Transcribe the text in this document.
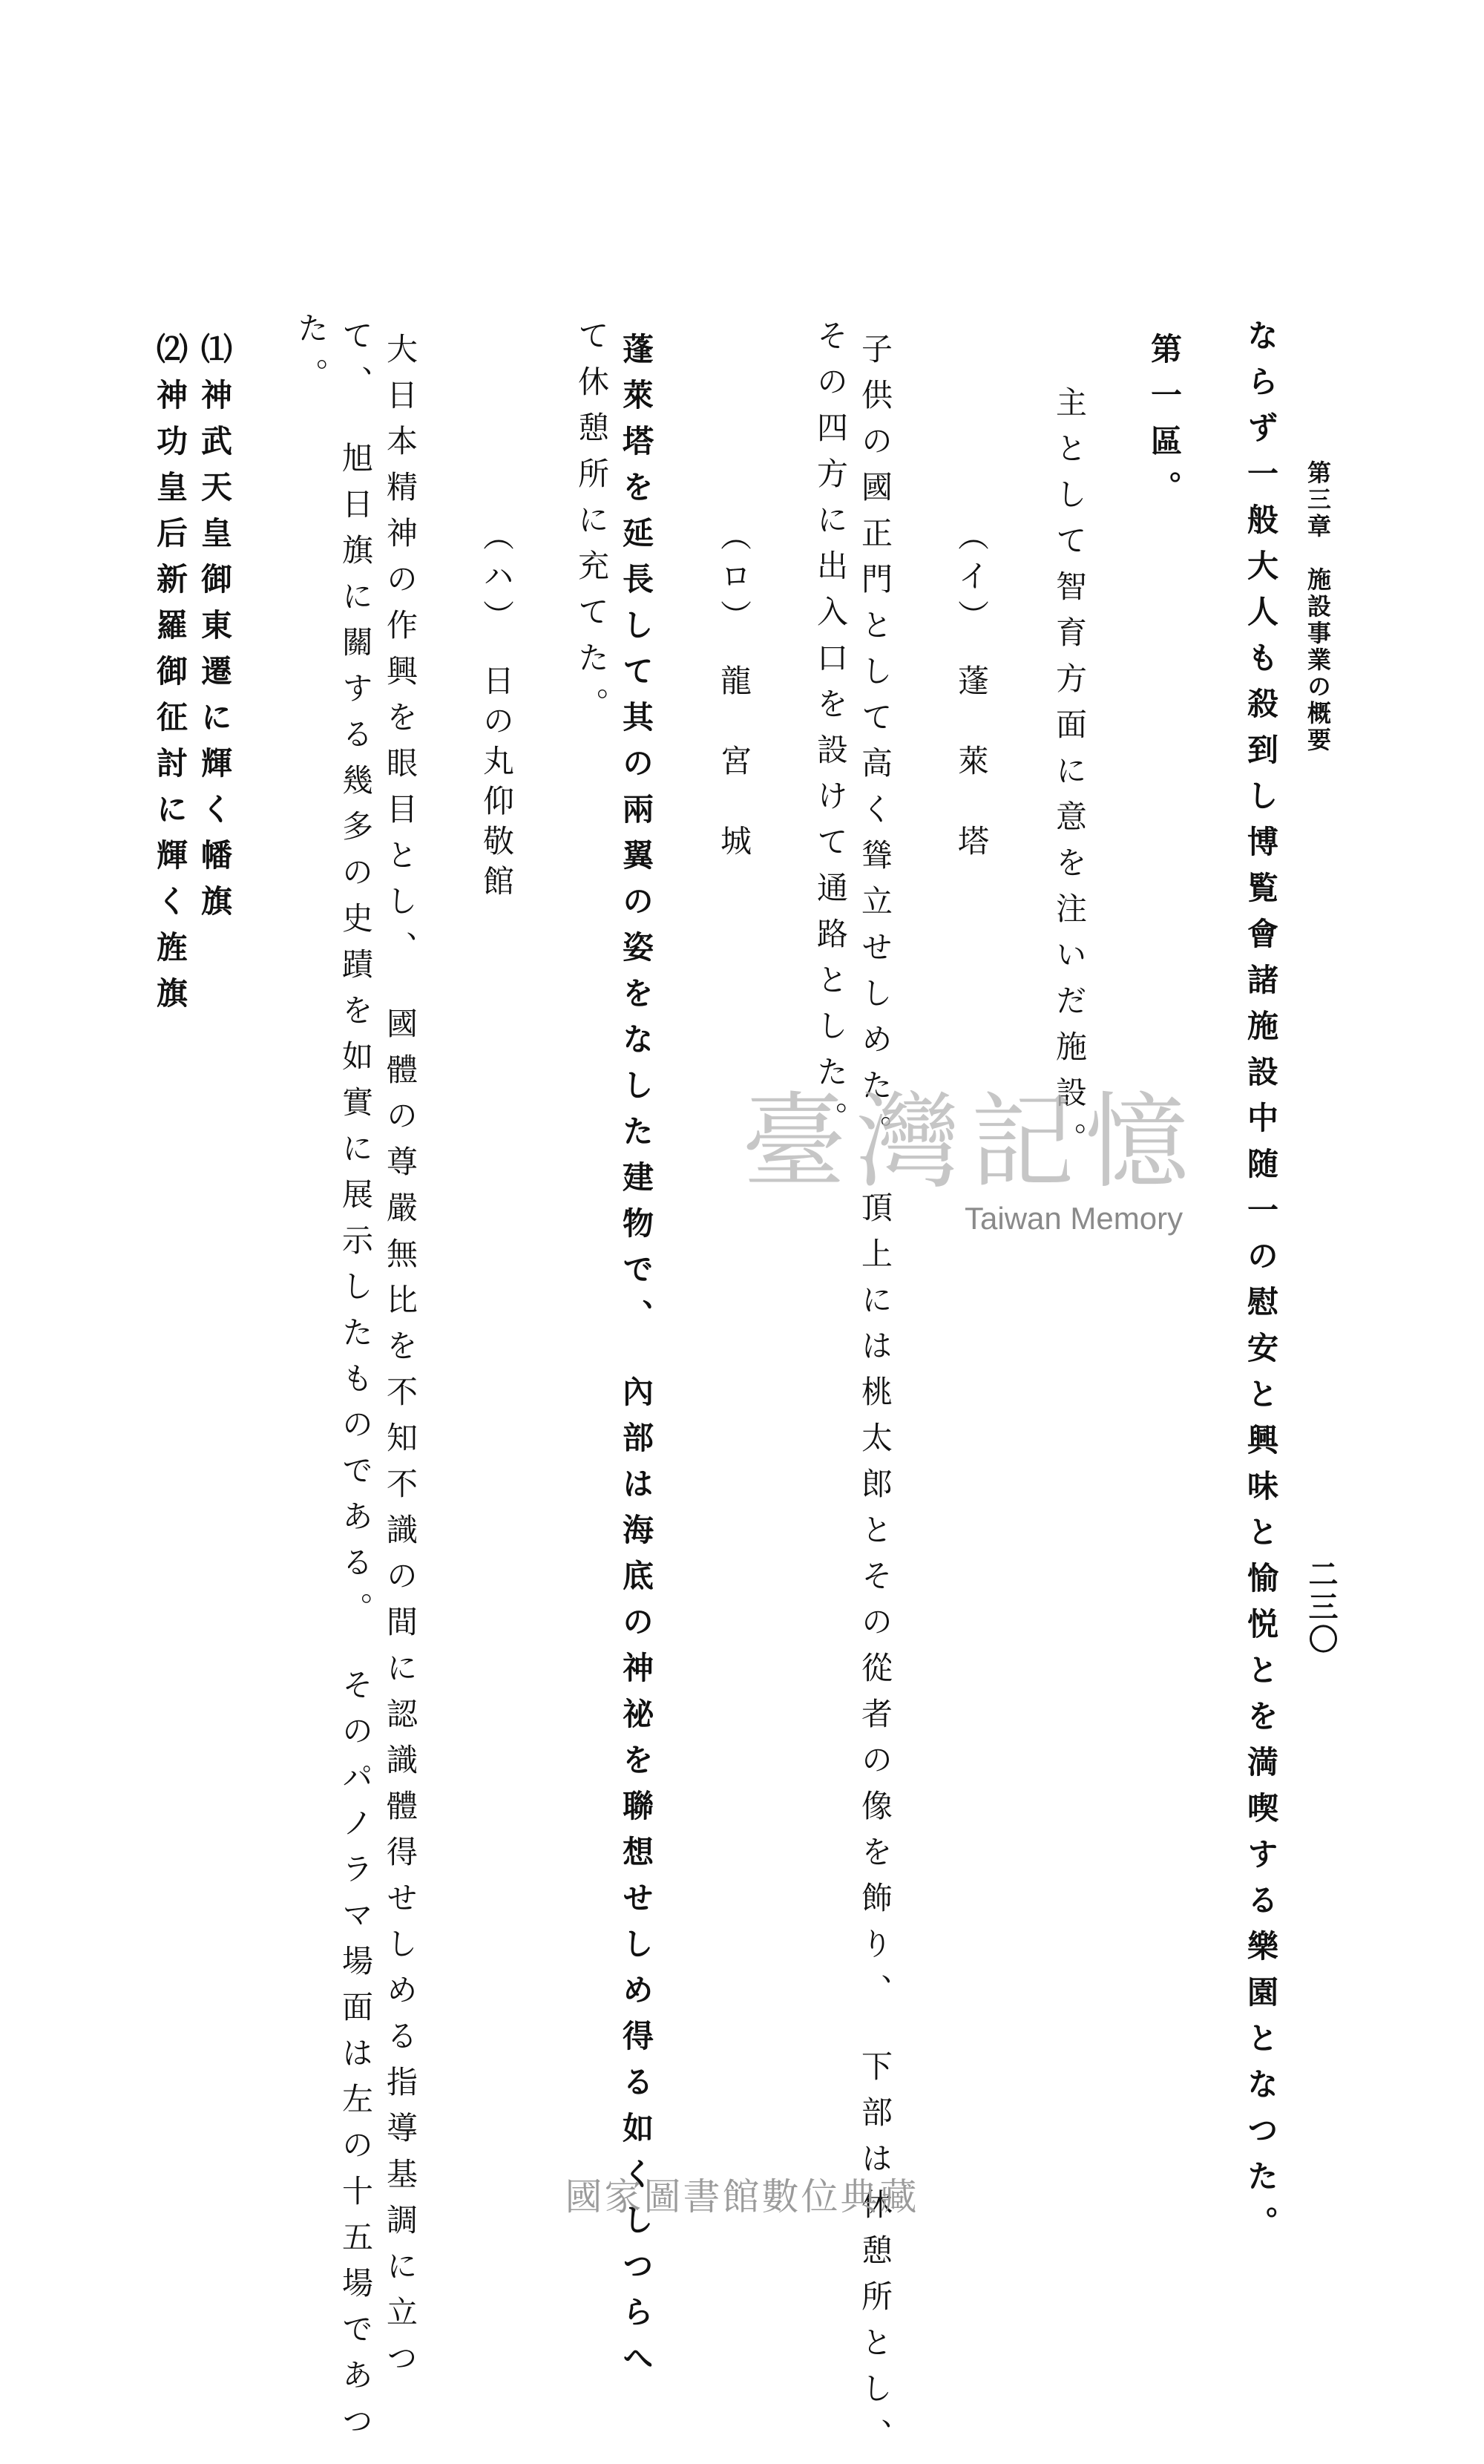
第三章　施設事業の概要
二三〇
ならず一般大人も殺到し博覧會諸施設中随一の慰安と興味と愉悦とを満喫する樂園となつた。
第一區。
主として智育方面に意を注いだ施設。
（イ）　蓬　萊　塔
子供の國正門として高く聳立せしめた。　頂上には桃太郎とその從者の像を飾り、　下部は休憩所とし、
その四方に出入口を設けて通路とした。
（ロ）　龍　宮　城
蓬萊塔を延長して其の兩翼の姿をなした建物で、　內部は海底の神祕を聯想せしめ得る如くしつらへ
て休憩所に充てた。
（ハ）　日の丸仰敬館
大日本精神の作興を眼目とし、　國體の尊嚴無比を不知不識の間に認識體得せしめる指導基調に立つ
て、　旭日旗に關する幾多の史蹟を如實に展示したものである。　そのパノラマ場面は左の十五場であつ
た。
⑴神武天皇御東遷に輝く幡旗
⑵神功皇后新羅御征討に輝く旌旗
臺灣記憶
Taiwan Memory
國家圖書館數位典藏
